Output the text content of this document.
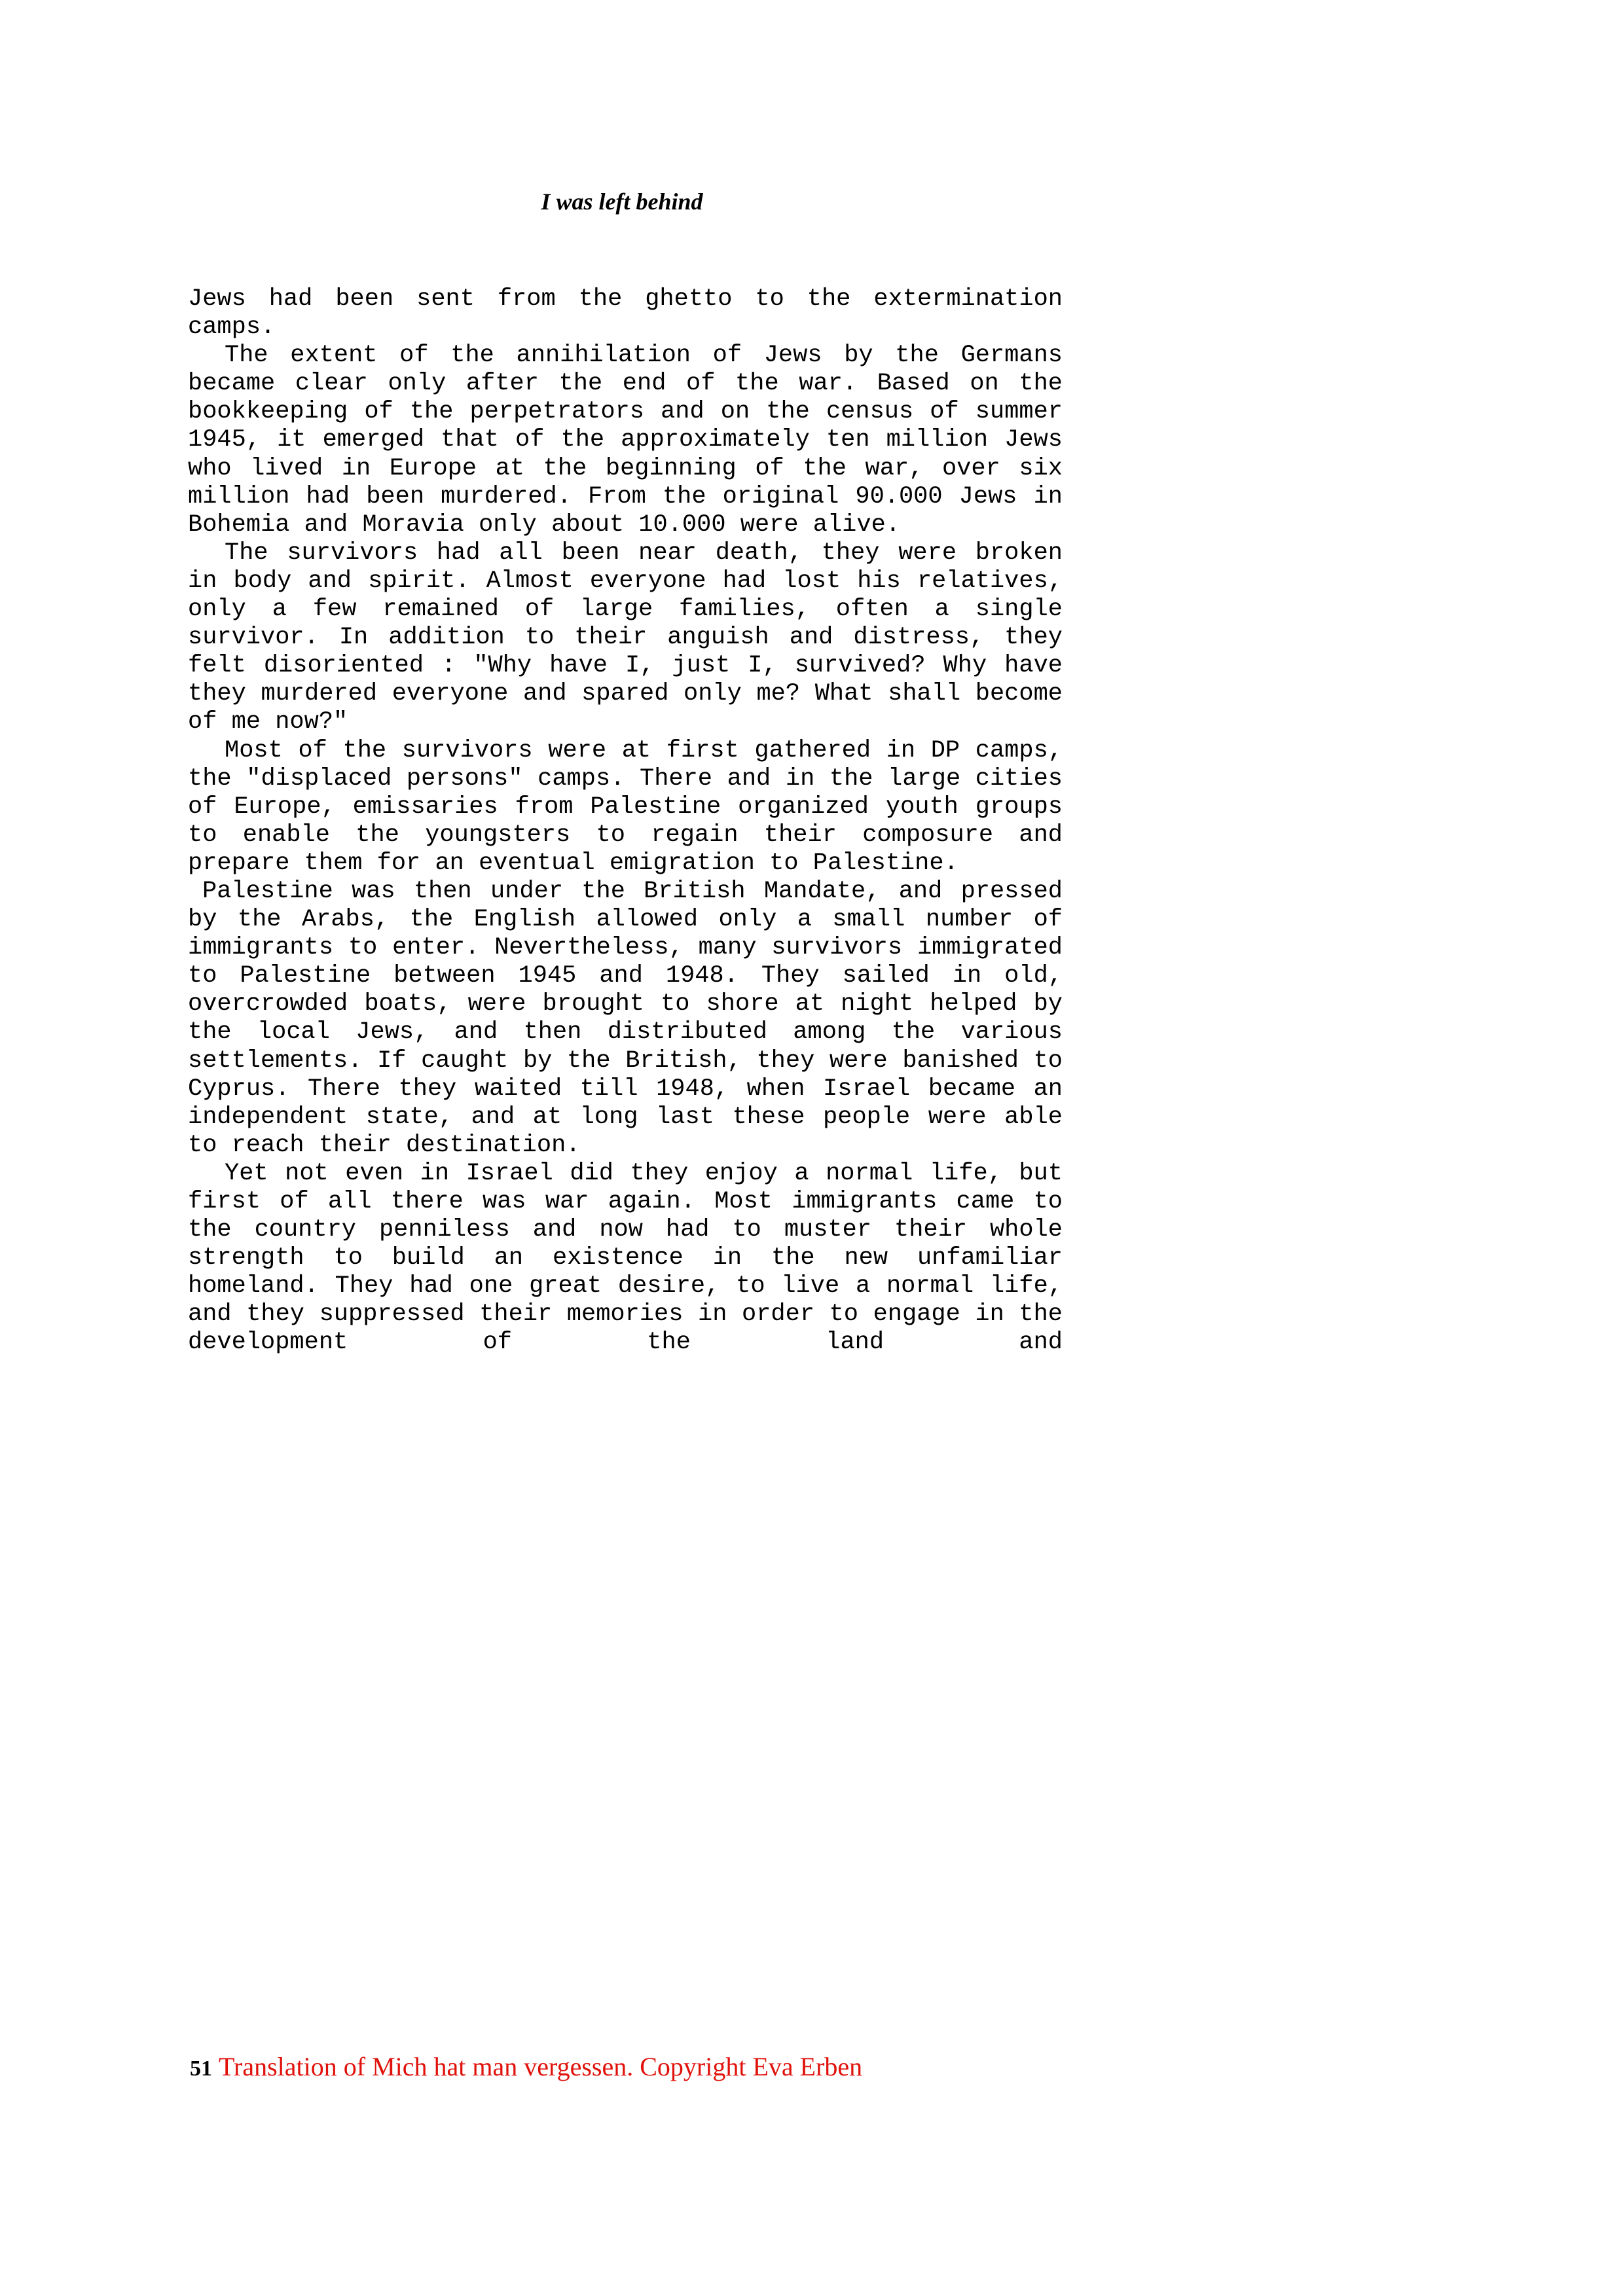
I was left behind

Jews had been sent from the ghetto to the extermination camps.

The extent of the annihilation of Jews by the Germans became clear only after the end of the war. Based on the bookkeeping of the perpetrators and on the census of summer 1945, it emerged that of the approximately ten million Jews who lived in Europe at the beginning of the war, over six million had been murdered. From the original 90.000 Jews in Bohemia and Moravia only about 10.000 were alive.

The survivors had all been near death, they were broken in body and spirit. Almost everyone had lost his relatives, only a few remained of large families, often a single survivor. In addition to their anguish and distress, they felt disoriented : "Why have I, just I, survived? Why have they murdered everyone and spared only me? What shall become of me now?"

Most of the survivors were at first gathered in DP camps, the "displaced persons" camps. There and in the large cities of Europe, emissaries from Palestine organized youth groups to enable the youngsters to regain their composure and prepare them for an eventual emigration to Palestine.

Palestine was then under the British Mandate, and pressed by the Arabs, the English allowed only a small number of immigrants to enter. Nevertheless, many survivors immigrated to Palestine between 1945 and 1948. They sailed in old, overcrowded boats, were brought to shore at night helped by the local Jews, and then distributed among the various settlements. If caught by the British, they were banished to Cyprus. There they waited till 1948, when Israel became an independent state, and at long last these people were able to reach their destination.

Yet not even in Israel did they enjoy a normal life, but first of all there was war again. Most immigrants came to the country penniless and now had to muster their whole strength to build an existence in the new unfamiliar homeland. They had one great desire, to live a normal life, and they suppressed their memories in order to engage in the development of the land and

51 Translation of Mich hat man vergessen. Copyright Eva Erben
